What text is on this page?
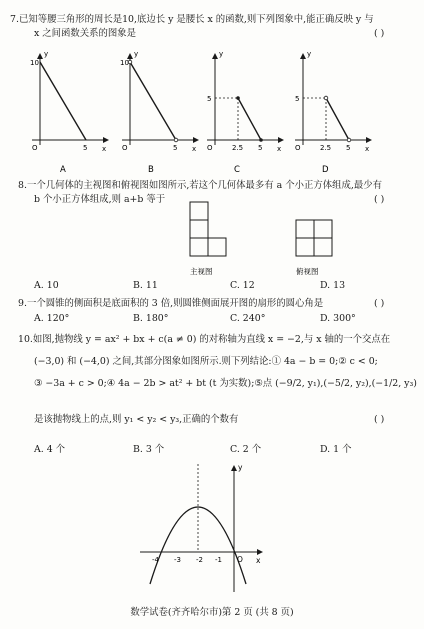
7.已知等腰三角形的周长是10,底边长 y 是腰长 x 的函数,则下列图象中,能正确反映 y 与
x 之间函数关系的图象是	( )
y
x
O
10
5
y
x
O
10
5
y
x
O
5
2.5 5
y
x
O
5
2.5 5
A	B	C	D
8.一个几何体的主视图和俯视图如图所示,若这个几何体最多有 a 个小正方体组成,最少有
b 个小正方体组成,则 a+b 等于	( )
主视图	俯视图
A. 10	B. 11	C. 12	D. 13
9.一个圆锥的侧面积是底面积的 3 倍,则圆锥侧面展开图的扇形的圆心角是	( )
A. 120°	B. 180°	C. 240°	D. 300°
10.如图,抛物线 y = ax² + bx + c(a ≠ 0) 的对称轴为直线 x = −2,与 x 轴的一个交点在
(−3,0) 和 (−4,0) 之间,其部分图象如图所示.则下列结论:① 4a − b = 0;② c < 0;
③ −3a + c > 0;④ 4a − 2b > at² + bt (t 为实数);⑤点 (−9/2, y₁),(−5/2, y₂),(−1/2, y₃)
是该抛物线上的点,则 y₁ < y₂ < y₃,正确的个数有	( )
A. 4 个	B. 3 个	C. 2 个	D. 1 个
y
x
O
-4 -3 -2 -1
数学试卷(齐齐哈尔市)第 2 页 (共 8 页)
